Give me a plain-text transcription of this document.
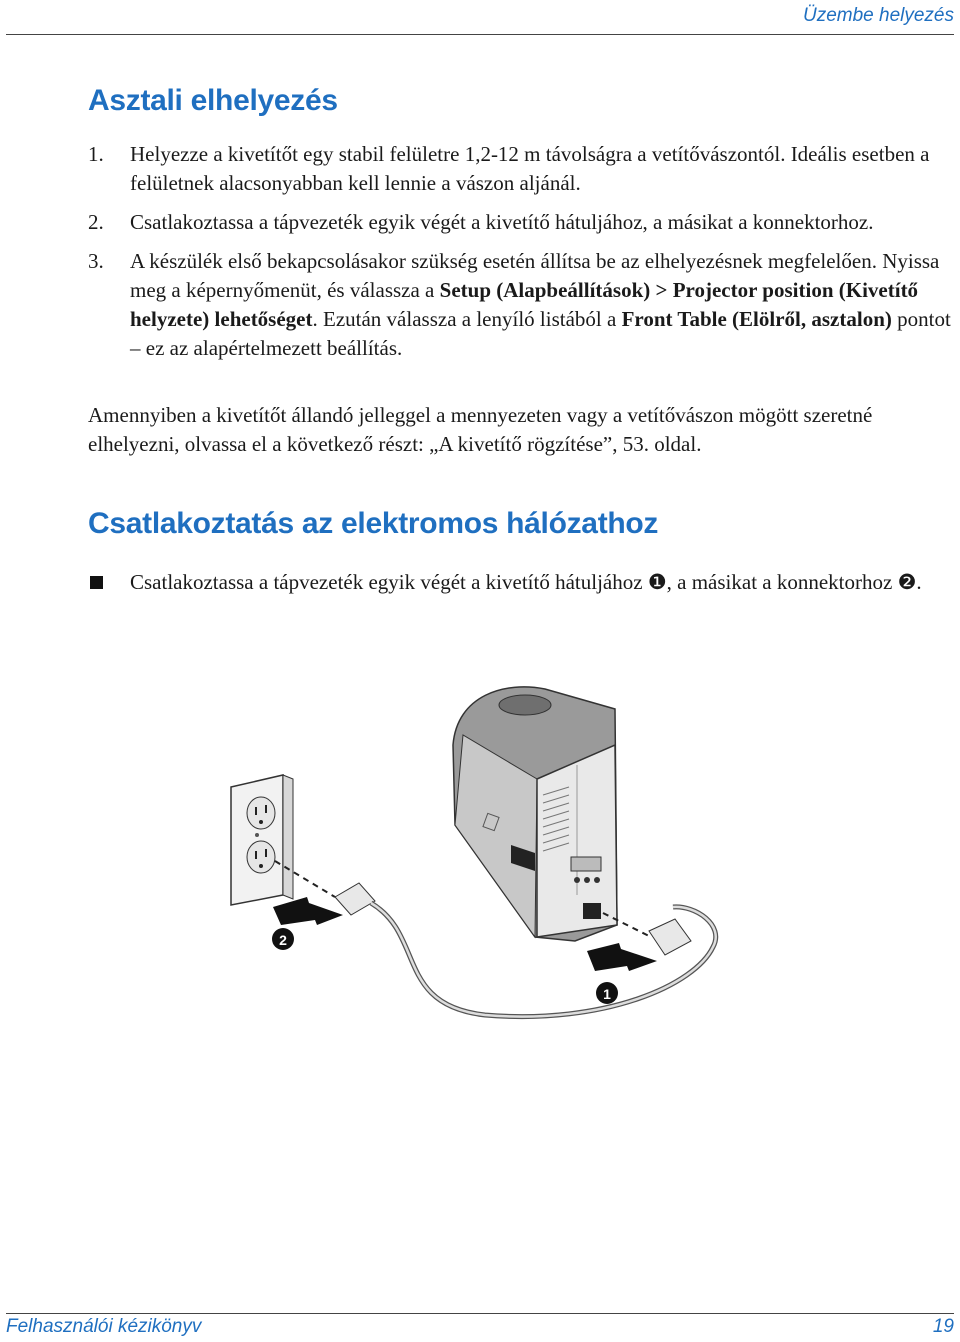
Üzembe helyezés
Asztali elhelyezés
1. Helyezze a kivetítőt egy stabil felületre 1,2-12 m távolságra a vetítővászontól. Ideális esetben a felületnek alacsonyabban kell lennie a vászon aljánál.
2. Csatlakoztassa a tápvezeték egyik végét a kivetítő hátuljához, a másikat a konnektorhoz.
3. A készülék első bekapcsolásakor szükség esetén állítsa be az elhelyezésnek megfelelően. Nyissa meg a képernyőmenüt, és válassza a Setup (Alapbeállítások) > Projector position (Kivetítő helyzete) lehetőséget. Ezután válassza a lenyíló listából a Front Table (Elölről, asztalon) pontot – ez az alapértelmezett beállítás.
Amennyiben a kivetítőt állandó jelleggel a mennyezeten vagy a vetítővászon mögött szeretné elhelyezni, olvassa el a következő részt: „A kivetítő rögzítése”, 53. oldal.
Csatlakoztatás az elektromos hálózathoz
Csatlakoztassa a tápvezeték egyik végét a kivetítő hátuljához ❶, a másikat a konnektorhoz ❷.
2
1
Felhasználói kézikönyv	19
